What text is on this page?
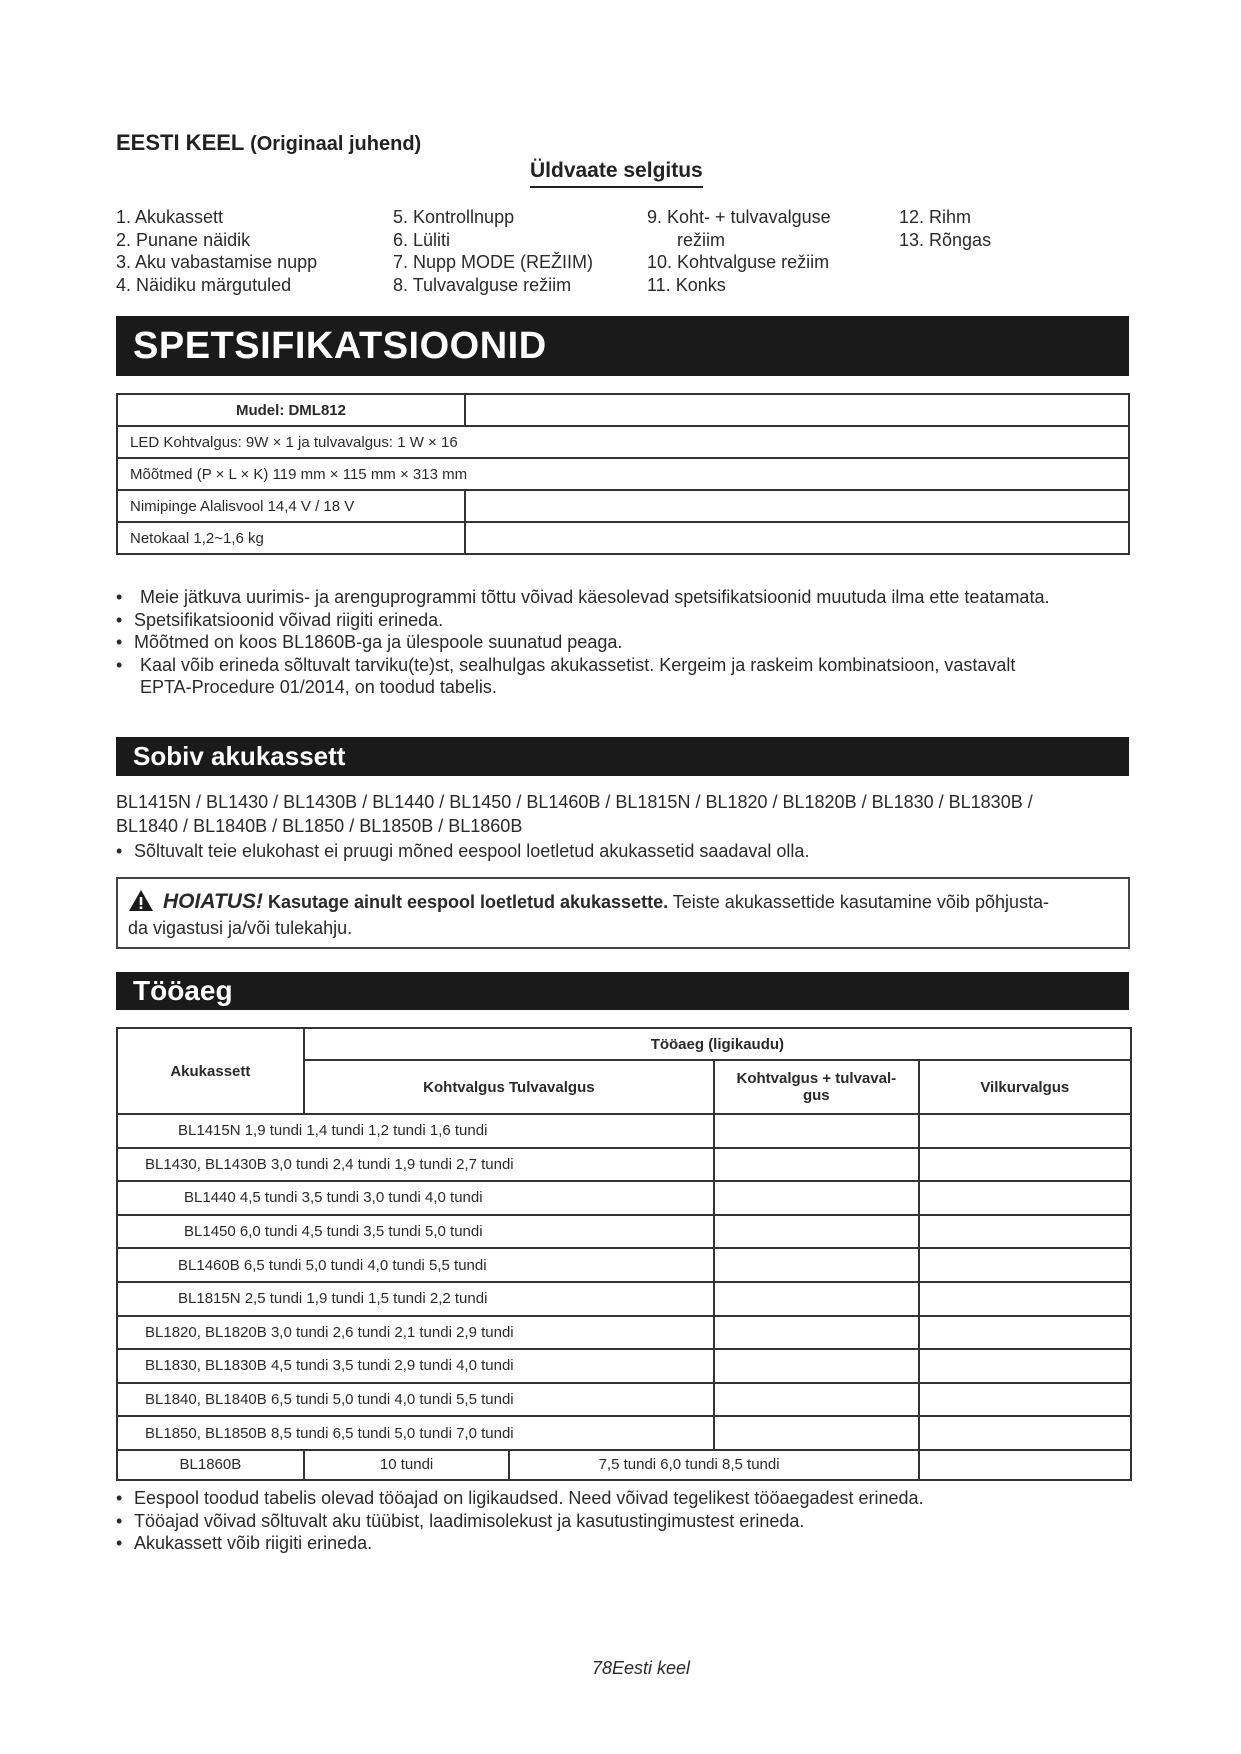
EESTI KEEL (Originaal juhend)
Üldvaate selgitus
1. Akukassett
2. Punane näidik
3. Aku vabastamise nupp
4. Näidiku märgutuled
5. Kontrollnupp
6. Lüliti
7. Nupp MODE (REŽIIM)
8. Tulvavalguse režiim
9. Koht- + tulvavalguse
režiim
10. Kohtvalguse režiim
11. Konks
12. Rihm
13. Rõngas
SPETSIFIKATSIOONID
Mudel: DML812	
LED Kohtvalgus: 9W × 1 ja tulvavalgus: 1 W × 16	
Mõõtmed (P × L × K) 119 mm × 115 mm × 313 mm	
Nimipinge Alalisvool 14,4 V / 18 V	
Netokaal 1,2~1,6 kg	
• Meie jätkuva uurimis- ja arenguprogrammi tõttu võivad käesolevad spetsifikatsioonid muutuda ilma ette teatamata.
• Spetsifikatsioonid võivad riigiti erineda.
• Mõõtmed on koos BL1860B-ga ja ülespoole suunatud peaga.
• Kaal võib erineda sõltuvalt tarviku(te)st, sealhulgas akukassetist. Kergeim ja raskeim kombinatsioon, vastavalt
EPTA-Procedure 01/2014, on toodud tabelis.
Sobiv akukassett
BL1415N / BL1430 / BL1430B / BL1440 / BL1450 / BL1460B / BL1815N / BL1820 / BL1820B / BL1830 / BL1830B /
BL1840 / BL1840B / BL1850 / BL1850B / BL1860B
• Sõltuvalt teie elukohast ei pruugi mõned eespool loetletud akukassetid saadaval olla.
HOIATUS! Kasutage ainult eespool loetletud akukassette. Teiste akukassettide kasutamine võib põhjusta-
da vigastusi ja/või tulekahju.
Tööaeg
Akukassett	Tööaeg (ligikaudu)			
	Kohtvalgus Tulvavalgus		Kohtvalgus + tulvaval-
gus	Vilkurvalgus
BL1415N 1,9 tundi 1,4 tundi 1,2 tundi 1,6 tundi				
BL1430, BL1430B 3,0 tundi 2,4 tundi 1,9 tundi 2,7 tundi				
BL1440 4,5 tundi 3,5 tundi 3,0 tundi 4,0 tundi				
BL1450 6,0 tundi 4,5 tundi 3,5 tundi 5,0 tundi				
BL1460B 6,5 tundi 5,0 tundi 4,0 tundi 5,5 tundi				
BL1815N 2,5 tundi 1,9 tundi 1,5 tundi 2,2 tundi				
BL1820, BL1820B 3,0 tundi 2,6 tundi 2,1 tundi 2,9 tundi				
BL1830, BL1830B 4,5 tundi 3,5 tundi 2,9 tundi 4,0 tundi				
BL1840, BL1840B 6,5 tundi 5,0 tundi 4,0 tundi 5,5 tundi				
BL1850, BL1850B 8,5 tundi 6,5 tundi 5,0 tundi 7,0 tundi				
BL1860B	10 tundi	7,5 tundi 6,0 tundi 8,5 tundi		
• Eespool toodud tabelis olevad tööajad on ligikaudsed. Need võivad tegelikest tööaegadest erineda.
• Tööajad võivad sõltuvalt aku tüübist, laadimisolekust ja kasutustingimustest erineda.
• Akukassett võib riigiti erineda.
78Eesti keel
